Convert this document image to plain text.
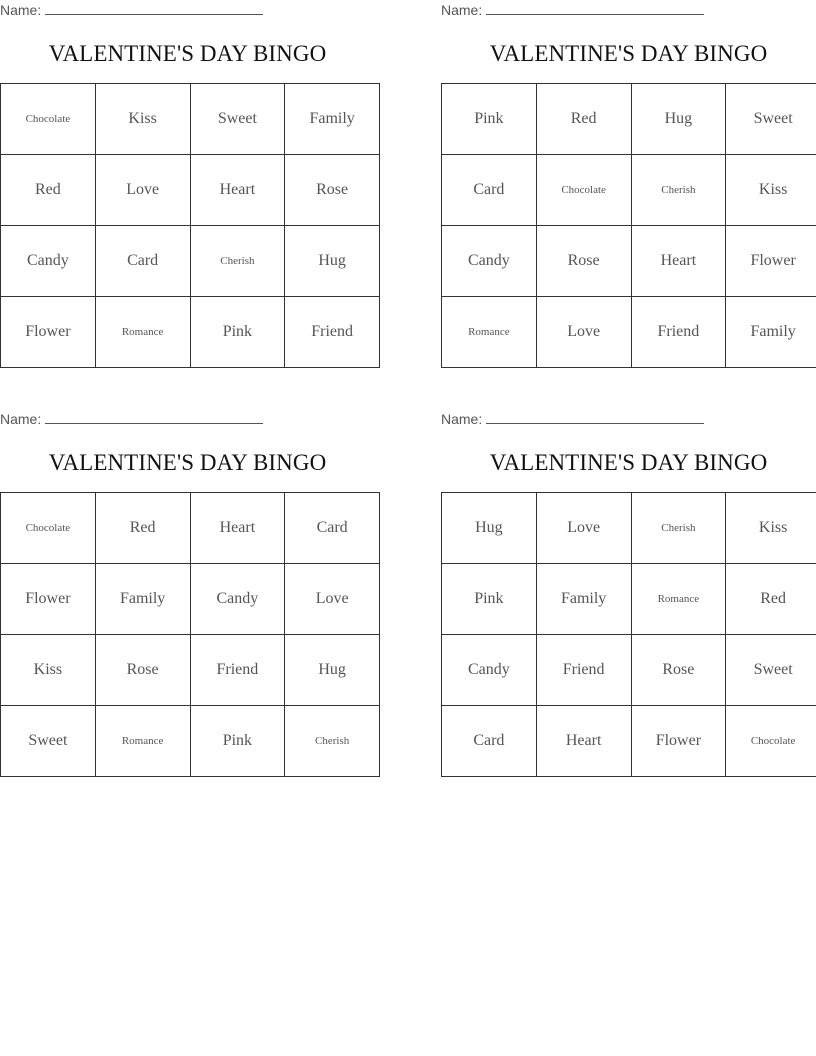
Name:
VALENTINE'S DAY BINGO
Chocolate	Kiss	Sweet	Family
Red	Love	Heart	Rose
Candy	Card	Cherish	Hug
Flower	Romance	Pink	Friend
Name:
VALENTINE'S DAY BINGO
Pink	Red	Hug	Sweet
Card	Chocolate	Cherish	Kiss
Candy	Rose	Heart	Flower
Romance	Love	Friend	Family
Name:
VALENTINE'S DAY BINGO
Chocolate	Red	Heart	Card
Flower	Family	Candy	Love
Kiss	Rose	Friend	Hug
Sweet	Romance	Pink	Cherish
Name:
VALENTINE'S DAY BINGO
Hug	Love	Cherish	Kiss
Pink	Family	Romance	Red
Candy	Friend	Rose	Sweet
Card	Heart	Flower	Chocolate
